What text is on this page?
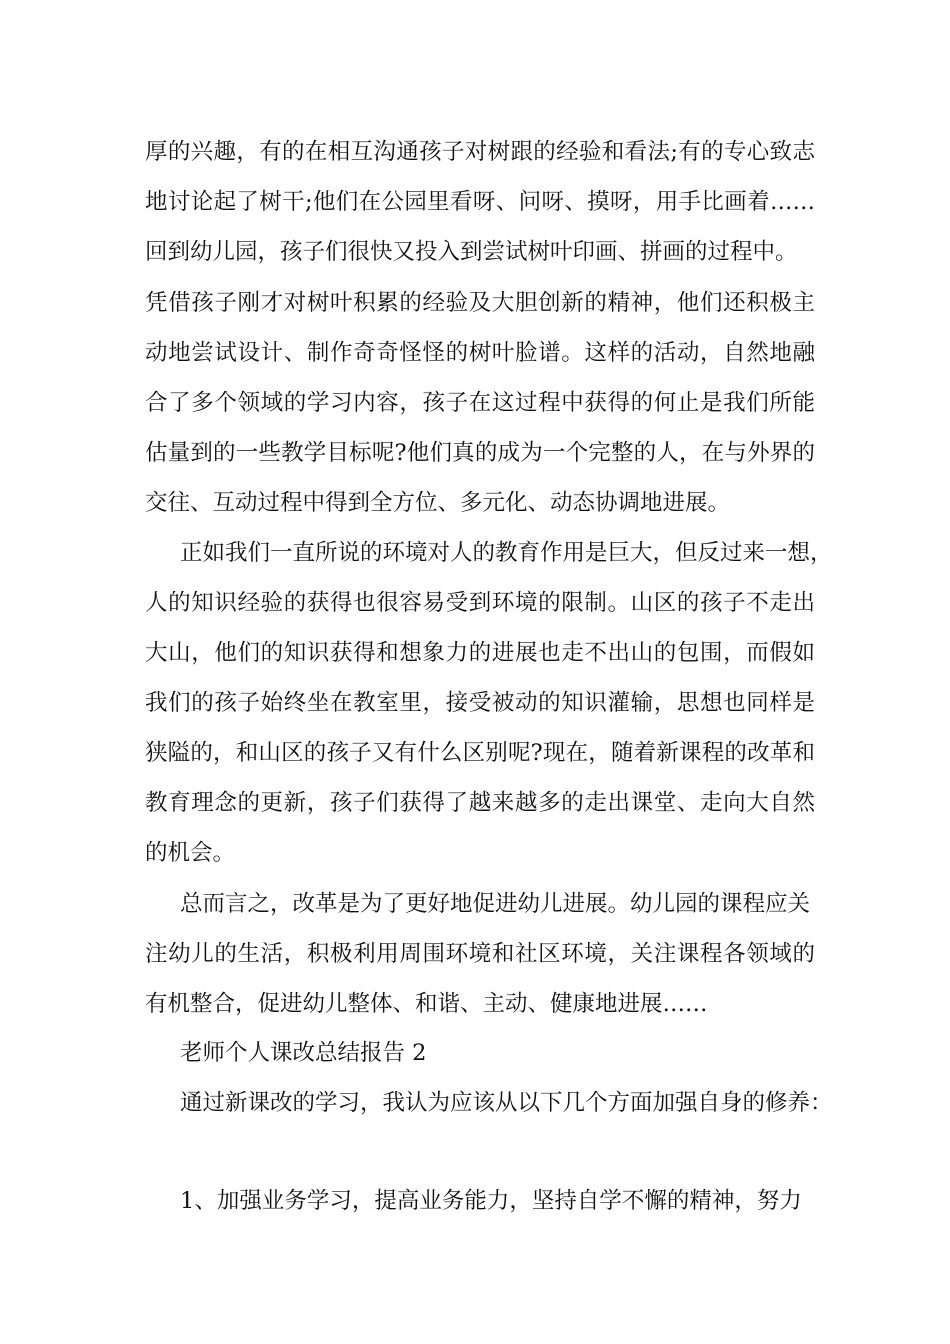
厚的兴趣，有的在相互沟通孩子对树跟的经验和看法;有的专心致志

地讨论起了树干;他们在公园里看呀、问呀、摸呀，用手比画着……

回到幼儿园，孩子们很快又投入到尝试树叶印画、拼画的过程中。

凭借孩子刚才对树叶积累的经验及大胆创新的精神，他们还积极主

动地尝试设计、制作奇奇怪怪的树叶脸谱。这样的活动，自然地融

合了多个领域的学习内容，孩子在这过程中获得的何止是我们所能

估量到的一些教学目标呢?他们真的成为一个完整的人，在与外界的

交往、互动过程中得到全方位、多元化、动态协调地进展。

正如我们一直所说的环境对人的教育作用是巨大，但反过来一想，

人的知识经验的获得也很容易受到环境的限制。山区的孩子不走出

大山，他们的知识获得和想象力的进展也走不出山的包围，而假如

我们的孩子始终坐在教室里，接受被动的知识灌输，思想也同样是

狭隘的，和山区的孩子又有什么区别呢?现在，随着新课程的改革和

教育理念的更新，孩子们获得了越来越多的走出课堂、走向大自然

的机会。

总而言之，改革是为了更好地促进幼儿进展。幼儿园的课程应关

注幼儿的生活，积极利用周围环境和社区环境，关注课程各领域的

有机整合，促进幼儿整体、和谐、主动、健康地进展……

老师个人课改总结报告 2

通过新课改的学习，我认为应该从以下几个方面加强自身的修养：

1、加强业务学习，提高业务能力，坚持自学不懈的精神，努力
